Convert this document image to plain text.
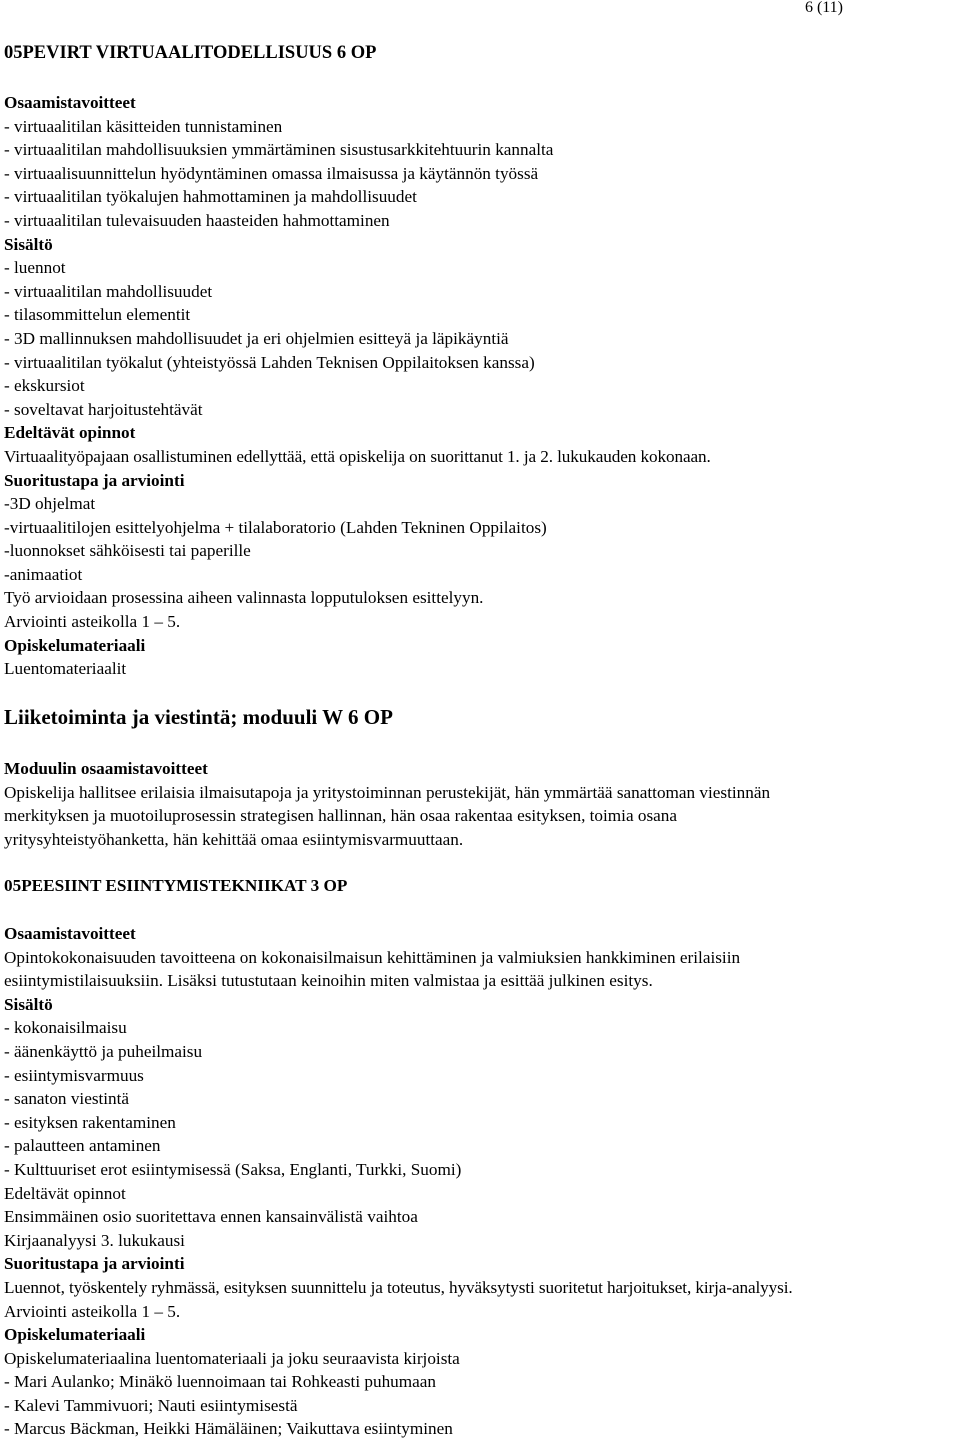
6 (11)
05PEVIRT VIRTUAALITODELLISUUS 6 OP
Osaamistavoitteet
- virtuaalitilan käsitteiden tunnistaminen
- virtuaalitilan mahdollisuuksien ymmärtäminen sisustusarkkitehtuurin kannalta
- virtuaalisuunnittelun hyödyntäminen omassa ilmaisussa ja käytännön työssä
- virtuaalitilan työkalujen hahmottaminen ja mahdollisuudet
- virtuaalitilan tulevaisuuden haasteiden hahmottaminen
Sisältö
- luennot
- virtuaalitilan mahdollisuudet
- tilasommittelun elementit
- 3D mallinnuksen mahdollisuudet ja eri ohjelmien esitteyä ja läpikäyntiä
- virtuaalitilan työkalut (yhteistyössä Lahden Teknisen Oppilaitoksen kanssa)
- ekskursiot
- soveltavat harjoitustehtävät
Edeltävät opinnot
Virtuaalityöpajaan osallistuminen edellyttää, että opiskelija on suorittanut 1. ja 2. lukukauden kokonaan.
Suoritustapa ja arviointi
-3D ohjelmat
-virtuaalitilojen esittelyohjelma + tilalaboratorio (Lahden Tekninen Oppilaitos)
-luonnokset sähköisesti tai paperille
-animaatiot
Työ arvioidaan prosessina aiheen valinnasta lopputuloksen esittelyyn.
Arviointi asteikolla 1 – 5.
Opiskelumateriaali
Luentomateriaalit
Liiketoiminta ja viestintä; moduuli W 6 OP
Moduulin osaamistavoitteet
Opiskelija hallitsee erilaisia ilmaisutapoja ja yritystoiminnan perustekijät, hän ymmärtää sanattoman viestinnän
merkityksen ja muotoiluprosessin strategisen hallinnan, hän osaa rakentaa esityksen, toimia osana
yritysyhteistyöhanketta, hän kehittää omaa esiintymisvarmuuttaan.
05PEESIINT ESIINTYMISTEKNIIKAT 3 OP
Osaamistavoitteet
Opintokokonaisuuden tavoitteena on kokonaisilmaisun kehittäminen ja valmiuksien hankkiminen erilaisiin
esiintymistilaisuuksiin. Lisäksi tutustutaan keinoihin miten valmistaa ja esittää julkinen esitys.
Sisältö
- kokonaisilmaisu
- äänenkäyttö ja puheilmaisu
- esiintymisvarmuus
- sanaton viestintä
- esityksen rakentaminen
- palautteen antaminen
- Kulttuuriset erot esiintymisessä (Saksa, Englanti, Turkki, Suomi)
Edeltävät opinnot
Ensimmäinen osio suoritettava ennen kansainvälistä vaihtoa
Kirjaanalyysi 3. lukukausi
Suoritustapa ja arviointi
Luennot, työskentely ryhmässä, esityksen suunnittelu ja toteutus, hyväksytysti suoritetut harjoitukset, kirja-analyysi.
Arviointi asteikolla 1 – 5.
Opiskelumateriaali
Opiskelumateriaalina luentomateriaali ja joku seuraavista kirjoista
- Mari Aulanko; Minäkö luennoimaan tai Rohkeasti puhumaan
- Kalevi Tammivuori; Nauti esiintymisestä
- Marcus Bäckman, Heikki Hämäläinen; Vaikuttava esiintyminen
